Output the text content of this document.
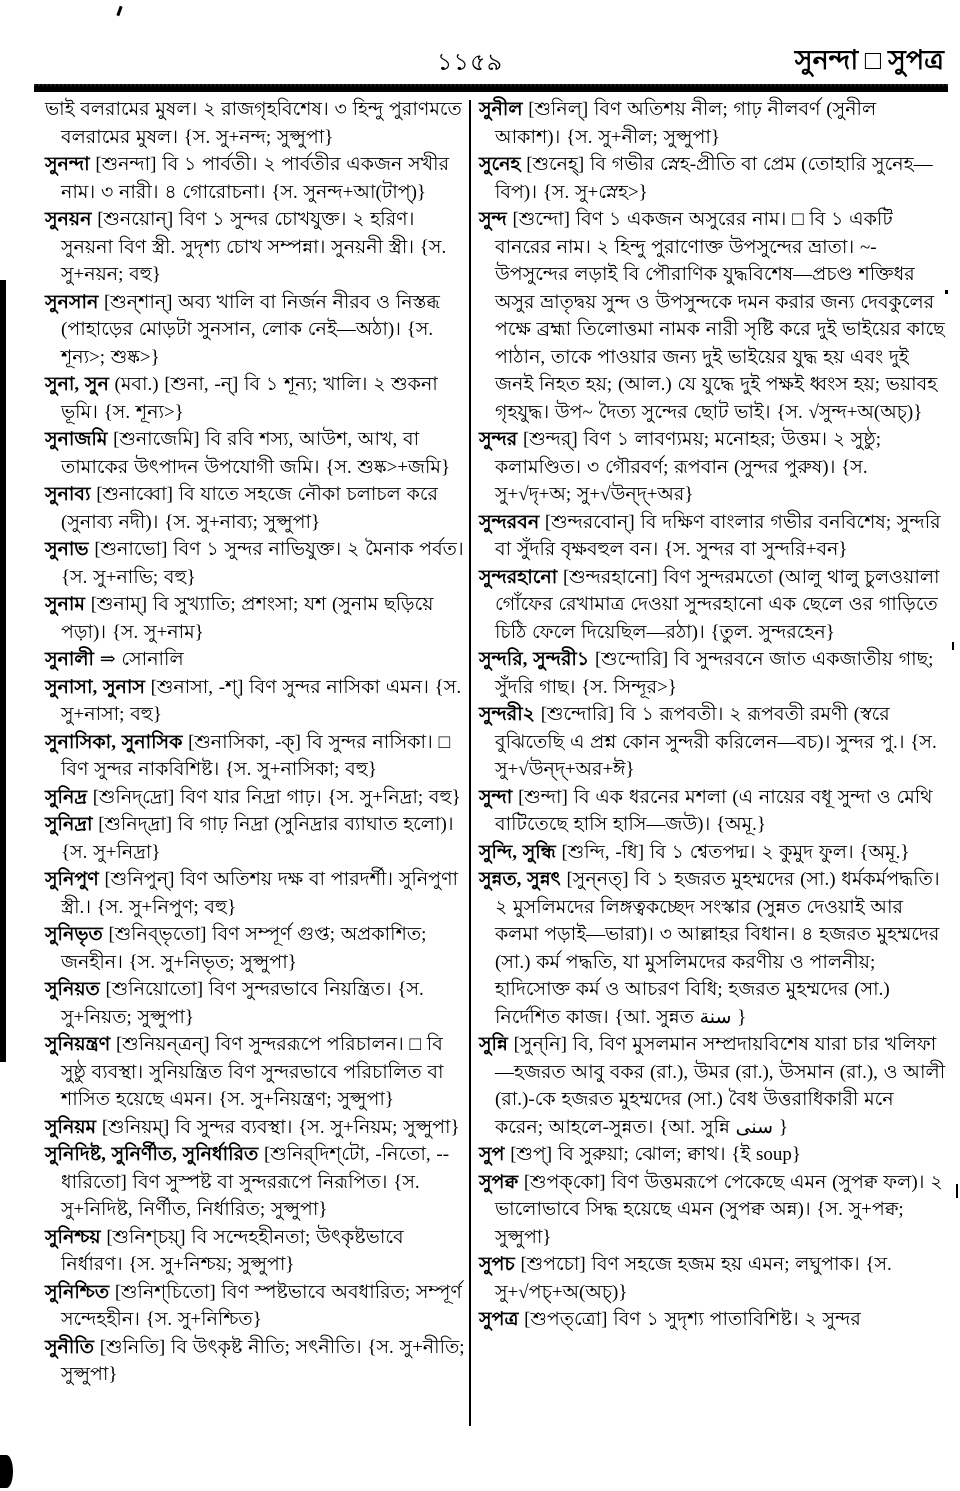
১১৫৯	সুনন্দা □ সুপত্র

ভাই বলরামের মুষল। ২ রাজগৃহবিশেষ। ৩ হিন্দু পুরাণমতে বলরামের মুষল। {স. সু+নন্দ; সুপ্সুপা}

সুনন্দা [শুনন্দা] বি ১ পার্বতী। ২ পার্বতীর একজন সখীর নাম। ৩ নারী। ৪ গোরোচনা। {স. সুনন্দ+আ(টাপ্)}

সুনয়ন [শুনয়োন্] বিণ ১ সুন্দর চোখযুক্ত। ২ হরিণ। সুনয়না বিণ স্ত্রী. সুদৃশ্য চোখ সম্পন্না। সুনয়নী স্ত্রী। {স. সু+নয়ন; বহু}

সুনসান [শুন্‌শান্] অব্য খালি বা নির্জন নীরব ও নিস্তব্ধ (পাহাড়ের মোড়টা সুনসান, লোক নেই—অঠা)। {স. শূন্য>; শুষ্ক>}

সুনা, সুন (মবা.) [শুনা, -ন্] বি ১ শূন্য; খালি। ২ শুকনা ভূমি। {স. শূন্য>}

সুনাজমি [শুনাজেমি] বি রবি শস্য, আউশ, আখ, বা তামাকের উৎপাদন উপযোগী জমি। {স. শুষ্ক>+জমি}

সুনাব্য [শুনাব্বো] বি যাতে সহজে নৌকা চলাচল করে (সুনাব্য নদী)। {স. সু+নাব্য; সুপ্সুপা}

সুনাভ [শুনাভো] বিণ ১ সুন্দর নাভিযুক্ত। ২ মৈনাক পর্বত। {স. সু+নাভি; বহু}

সুনাম [শুনাম্] বি সুখ্যাতি; প্রশংসা; যশ (সুনাম ছড়িয়ে পড়া)। {স. সু+নাম}

সুনালী ⇒ সোনালি

সুনাসা, সুনাস [শুনাসা, -শ্] বিণ সুন্দর নাসিকা এমন। {স. সু+নাসা; বহু}

সুনাসিকা, সুনাসিক [শুনাসিকা, -ক্] বি সুন্দর নাসিকা। □ বিণ সুন্দর নাকবিশিষ্ট। {স. সু+নাসিকা; বহু}

সুনিদ্র [শুনিদ্‌দ্রো] বিণ যার নিদ্রা গাঢ়। {স. সু+নিদ্রা; বহু}

সুনিদ্রা [শুনিদ্‌দ্রা] বি গাঢ় নিদ্রা (সুনিদ্রার ব্যাঘাত হলো)। {স. সু+নিদ্রা}

সুনিপুণ [শুনিপুন্] বিণ অতিশয় দক্ষ বা পারদর্শী। সুনিপুণা স্ত্রী.। {স. সু+নিপুণ; বহু}

সুনিভৃত [শুনিব্‌ভৃতো] বিণ সম্পূর্ণ গুপ্ত; অপ্রকাশিত; জনহীন। {স. সু+নিভৃত; সুপ্সুপা}

সুনিয়ত [শুনিয়োতো] বিণ সুন্দরভাবে নিয়ন্ত্রিত। {স. সু+নিয়ত; সুপ্সুপা}

সুনিয়ন্ত্রণ [শুনিয়ন্‌ত্রন্] বিণ সুন্দররূপে পরিচালন। □ বি সুষ্ঠু ব্যবস্থা। সুনিয়ন্ত্রিত বিণ সুন্দরভাবে পরিচালিত বা শাসিত হয়েছে এমন। {স. সু+নিয়ন্ত্রণ; সুপ্সুপা}

সুনিয়ম [শুনিয়ম্] বি সুন্দর ব্যবস্থা। {স. সু+নিয়ম; সুপ্সুপা}

সুনিদিষ্ট, সুনির্ণীত, সুনির্ধারিত [শুনির্‌দিশ্‌টো, -নিতো, --ধারিতো] বিণ সুস্পষ্ট বা সুন্দররূপে নিরূপিত। {স. সু+নিদিষ্ট, নির্ণীত, নির্ধারিত; সুপ্সুপা}

সুনিশ্চয় [শুনিশ্‌চয়্] বি সন্দেহহীনতা; উৎকৃষ্টভাবে নির্ধারণ। {স. সু+নিশ্চয়; সুপ্সুপা}

সুনিশ্চিত [শুনিশ্‌চিতো] বিণ স্পষ্টভাবে অবধারিত; সম্পূর্ণ সন্দেহহীন। {স. সু+নিশ্চিত}

সুনীতি [শুনিতি] বি উৎকৃষ্ট নীতি; সৎনীতি। {স. সু+নীতি; সুপ্সুপা}

সুনীল [শুনিল্] বিণ অতিশয় নীল; গাঢ় নীলবর্ণ (সুনীল আকাশ)। {স. সু+নীল; সুপ্সুপা}

সুনেহ [শুনেহ্] বি গভীর স্নেহ-প্রীতি বা প্রেম (তোহারি সুনেহ—বিপ)। {স. সু+স্নেহ>}

সুন্দ [শুন্দো] বিণ ১ একজন অসুরের নাম। □ বি ১ একটি বানরের নাম। ২ হিন্দু পুরাণোক্ত উপসুন্দের ভ্রাতা। ~-উপসুন্দের লড়াই বি পৌরাণিক যুদ্ধবিশেষ—প্রচণ্ড শক্তিধর অসুর ভ্রাতৃদ্বয় সুন্দ ও উপসুন্দকে দমন করার জন্য দেবকুলের পক্ষে ব্রহ্মা তিলোত্তমা নামক নারী সৃষ্টি করে দুই ভাইয়ের কাছে পাঠান, তাকে পাওয়ার জন্য দুই ভাইয়ের যুদ্ধ হয় এবং দুই জনই নিহত হয়; (আল.) যে যুদ্ধে দুই পক্ষই ধ্বংস হয়; ভয়াবহ গৃহযুদ্ধ। উপ~ দৈত্য সুন্দের ছোট ভাই। {স. √সুন্দ+অ(অচ্)}

সুন্দর [শুন্দর্] বিণ ১ লাবণ্যময়; মনোহর; উত্তম। ২ সুষ্ঠু; কলামণ্ডিত। ৩ গৌরবর্ণ; রূপবান (সুন্দর পুরুষ)। {স. সু+√দৃ+অ; সু+√উন্দ্+অর}

সুন্দরবন [শুন্দরবোন্] বি দক্ষিণ বাংলার গভীর বনবিশেষ; সুন্দরি বা সুঁদরি বৃক্ষবহুল বন। {স. সুন্দর বা সুন্দরি+বন}

সুন্দরহানো [শুন্দরহানো] বিণ সুন্দরমতো (আলু থালু চুলওয়ালা গোঁফের রেখামাত্র দেওয়া সুন্দরহানো এক ছেলে ওর গাড়িতে চিঠি ফেলে দিয়েছিল—রঠা)। {তুল. সুন্দরহেন}

সুন্দরি, সুন্দরী১ [শুন্দোরি] বি সুন্দরবনে জাত একজাতীয় গাছ; সুঁদরি গাছ। {স. সিন্দূর>}

সুন্দরী২ [শুন্দোরি] বি ১ রূপবতী। ২ রূপবতী রমণী (স্বরে বুঝিতেছি এ প্রশ্ন কোন সুন্দরী করিলেন—বচ)। সুন্দর পু.। {স. সু+√উন্দ্+অর+ঈ}

সুন্দা [শুন্দা] বি এক ধরনের মশলা (এ নায়ের বধূ সুন্দা ও মেথি বাটিতেছে হাসি হাসি—জউ)। {অমূ.}

সুন্দি, সুন্ধি [শুন্দি, -ধি] বি ১ শ্বেতপদ্ম। ২ কুমুদ ফুল। {অমূ.}

সুন্নত, সুন্নৎ [সুন্‌নত্] বি ১ হজরত মুহম্মদের (সা.) ধর্মকর্মপদ্ধতি। ২ মুসলিমদের লিঙ্গত্বকচ্ছেদ সংস্কার (সুন্নত দেওয়াই আর কলমা পড়াই—ভারা)। ৩ আল্লাহর বিধান। ৪ হজরত মুহম্মদের (সা.) কর্ম পদ্ধতি, যা মুসলিমদের করণীয় ও পালনীয়; হাদিসোক্ত কর্ম ও আচরণ বিধি; হজরত মুহম্মদের (সা.) নির্দেশিত কাজ। {আ. সুন্নত سنة }

সুন্নি [সুন্‌নি] বি, বিণ মুসলমান সম্প্রদায়বিশেষ যারা চার খলিফা—হজরত আবু বকর (রা.), উমর (রা.), উসমান (রা.), ও আলী (রা.)-কে হজরত মুহম্মদের (সা.) বৈধ উত্তরাধিকারী মনে করেন; আহলে-সুন্নত। {আ. সুন্নি سنى }

সুপ [শুপ্] বি সুরুয়া; ঝোল; ক্বাথ। {ই soup}

সুপক্ব [শুপক্‌কো] বিণ উত্তমরূপে পেকেছে এমন (সুপক্ব ফল)। ২ ভালোভাবে সিদ্ধ হয়েছে এমন (সুপক্ব অন্ন)। {স. সু+পক্ব; সুপ্সুপা}

সুপচ [শুপচো] বিণ সহজে হজম হয় এমন; লঘুপাক। {স. সু+√পচ্+অ(অচ্)}

সুপত্র [শুপত্‌ত্রো] বিণ ১ সুদৃশ্য পাতাবিশিষ্ট। ২ সুন্দর
